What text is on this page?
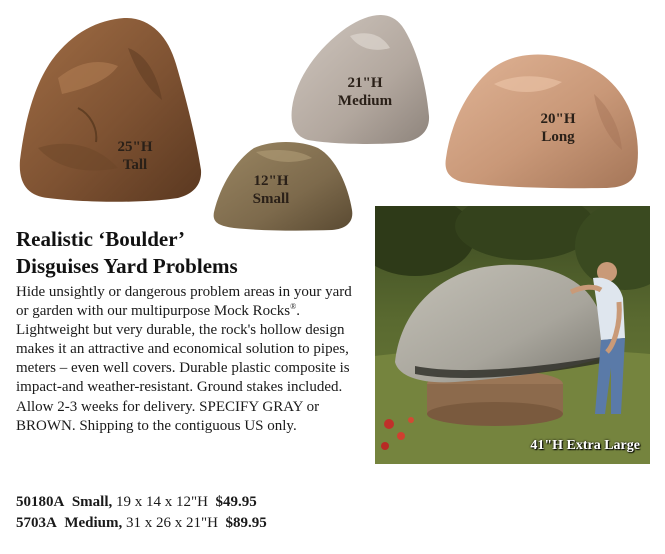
25"H
Tall
21"H
Medium
20"H
Long
12"H
Small
Realistic ‘Boulder’
Disguises Yard Problems
Hide unsightly or dangerous problem areas in your yard or garden with our multipurpose Mock Rocks®. Lightweight but very durable, the rock's hollow design makes it an attractive and economical solution to pipes, meters – even well covers. Durable plastic composite is impact-and weather-resistant. Ground stakes included. Allow 2-3 weeks for delivery. SPECIFY GRAY or BROWN. Shipping to the contiguous US only.
50180A Small, 19 x 14 x 12"H $49.95
5703A Medium, 31 x 26 x 21"H $89.95
41"H Extra Large
